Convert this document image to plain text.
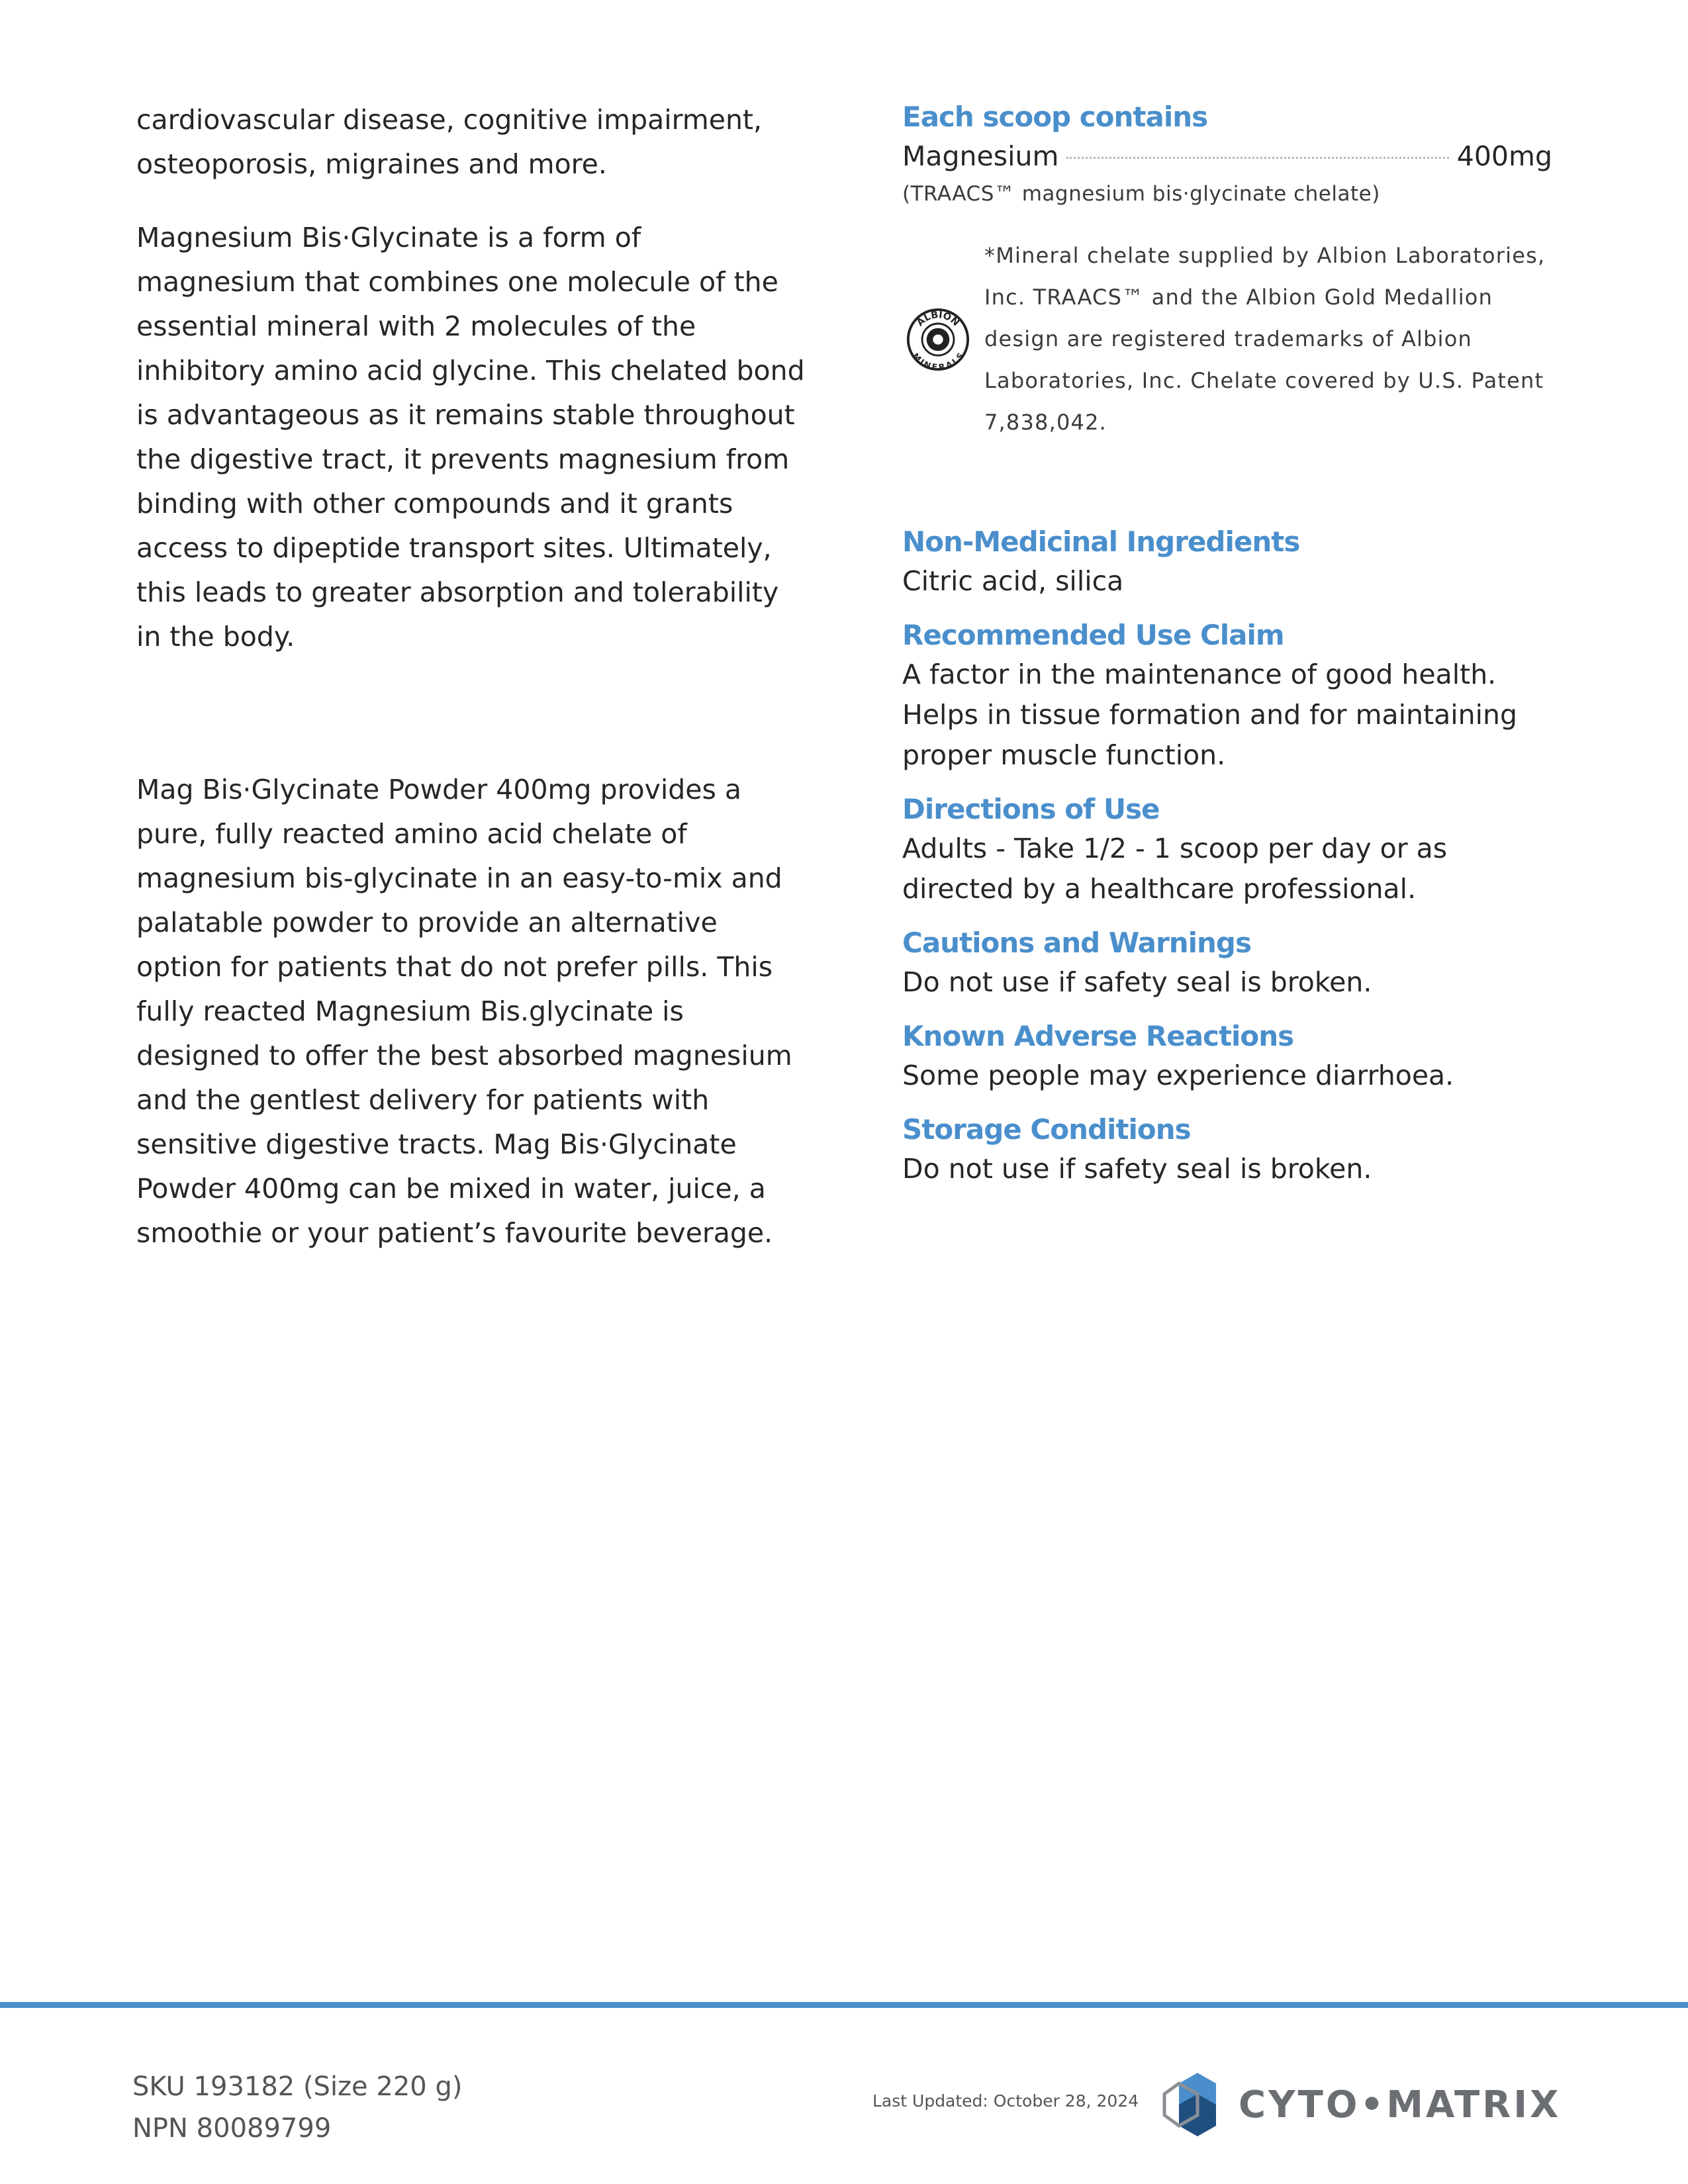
cardiovascular disease, cognitive impairment, osteoporosis, migraines and more.

Magnesium Bis·Glycinate is a form of magnesium that combines one molecule of the essential mineral with 2 molecules of the inhibitory amino acid glycine. This chelated bond is advantageous as it remains stable throughout the digestive tract, it prevents magnesium from binding with other compounds and it grants access to dipeptide transport sites. Ultimately, this leads to greater absorption and tolerability in the body.

Mag Bis·Glycinate Powder 400mg provides a pure, fully reacted amino acid chelate of magnesium bis-glycinate in an easy-to-mix and palatable powder to provide an alternative option for patients that do not prefer pills. This fully reacted Magnesium Bis.glycinate is designed to offer the best absorbed magnesium and the gentlest delivery for patients with sensitive digestive tracts. Mag Bis·Glycinate Powder 400mg can be mixed in water, juice, a smoothie or your patient’s favourite beverage.

Each scoop contains
Magnesium	400mg

(TRAACS™ magnesium bis·glycinate chelate)

ALBION
MINERALS
*Mineral chelate supplied by Albion Laboratories, Inc. TRAACS™ and the Albion Gold Medallion design are registered trademarks of Albion Laboratories, Inc. Chelate covered by U.S. Patent 7,838,042.
Non-Medicinal Ingredients

Citric acid, silica

Recommended Use Claim

A factor in the maintenance of good health. Helps in tissue formation and for maintaining proper muscle function.

Directions of Use

Adults - Take 1/2 - 1 scoop per day or as directed by a healthcare professional.

Cautions and Warnings

Do not use if safety seal is broken.

Known Adverse Reactions

Some people may experience diarrhoea.

Storage Conditions

Do not use if safety seal is broken.

SKU 193182 (Size 220 g)
NPN 80089799
Last Updated: October 28, 2024	CYTO•MATRIX
